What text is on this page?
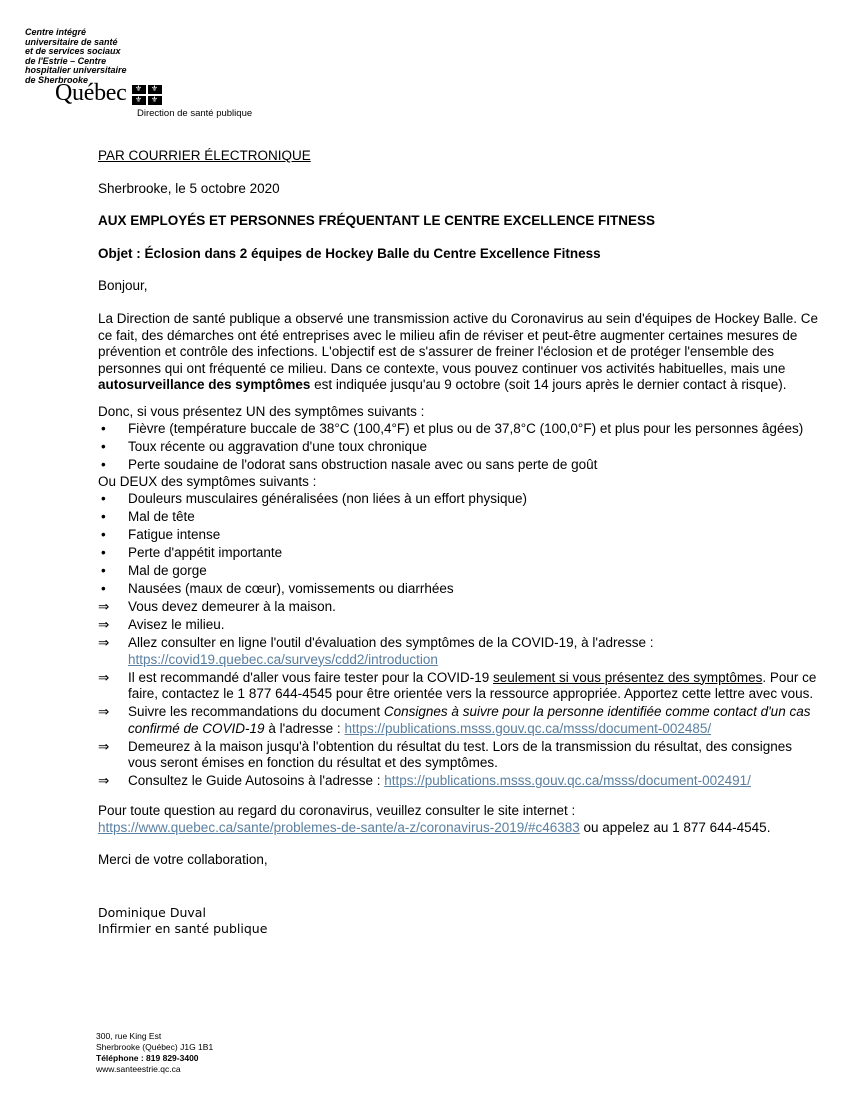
Centre intégré
universitaire de santé
et de services sociaux
de l'Estrie – Centre
hospitalier universitaire
de Sherbrooke
Québec	⚜	⚜
⚜	⚜
Direction de santé publique

PAR COURRIER ÉLECTRONIQUE

Sherbrooke, le 5 octobre 2020

AUX EMPLOYÉS ET PERSONNES FRÉQUENTANT LE CENTRE EXCELLENCE FITNESS

Objet : Éclosion dans 2 équipes de Hockey Balle du Centre Excellence Fitness

Bonjour,

La Direction de santé publique a observé une transmission active du Coronavirus au sein d'équipes de Hockey Balle. Ce ce fait, des démarches ont été entreprises avec le milieu afin de réviser et peut-être augmenter certaines mesures de prévention et contrôle des infections. L'objectif est de s'assurer de freiner l'éclosion et de protéger l'ensemble des personnes qui ont fréquenté ce milieu. Dans ce contexte, vous pouvez continuer vos activités habituelles, mais une autosurveillance des symptômes est indiquée jusqu'au 9 octobre (soit 14 jours après le dernier contact à risque).

Donc, si vous présentez UN des symptômes suivants :

• Fièvre (température buccale de 38°C (100,4°F) et plus ou de 37,8°C (100,0°F) et plus pour les personnes âgées)
• Toux récente ou aggravation d'une toux chronique
• Perte soudaine de l'odorat sans obstruction nasale avec ou sans perte de goût

Ou DEUX des symptômes suivants :

• Douleurs musculaires généralisées (non liées à un effort physique)
• Mal de tête
• Fatigue intense
• Perte d'appétit importante
• Mal de gorge
• Nausées (maux de cœur), vomissements ou diarrhées
⇒ Vous devez demeurer à la maison.
⇒ Avisez le milieu.
⇒ Allez consulter en ligne l'outil d'évaluation des symptômes de la COVID-19, à l'adresse :
https://covid19.quebec.ca/surveys/cdd2/introduction
⇒ Il est recommandé d'aller vous faire tester pour la COVID-19 seulement si vous présentez des symptômes. Pour ce faire, contactez le 1 877 644-4545 pour être orientée vers la ressource appropriée. Apportez cette lettre avec vous.
⇒ Suivre les recommandations du document Consignes à suivre pour la personne identifiée comme contact d'un cas confirmé de COVID-19 à l'adresse : https://publications.msss.gouv.qc.ca/msss/document-002485/
⇒ Demeurez à la maison jusqu'à l'obtention du résultat du test. Lors de la transmission du résultat, des consignes vous seront émises en fonction du résultat et des symptômes.
⇒ Consultez le Guide Autosoins à l'adresse : https://publications.msss.gouv.qc.ca/msss/document-002491/

Pour toute question au regard du coronavirus, veuillez consulter le site internet :
https://www.quebec.ca/sante/problemes-de-sante/a-z/coronavirus-2019/#c46383 ou appelez au 1 877 644-4545.

Merci de votre collaboration,

Dominique Duval

Infirmier en santé publique

300, rue King Est
Sherbrooke (Québec) J1G 1B1
Téléphone : 819 829-3400
www.santeestrie.qc.ca
